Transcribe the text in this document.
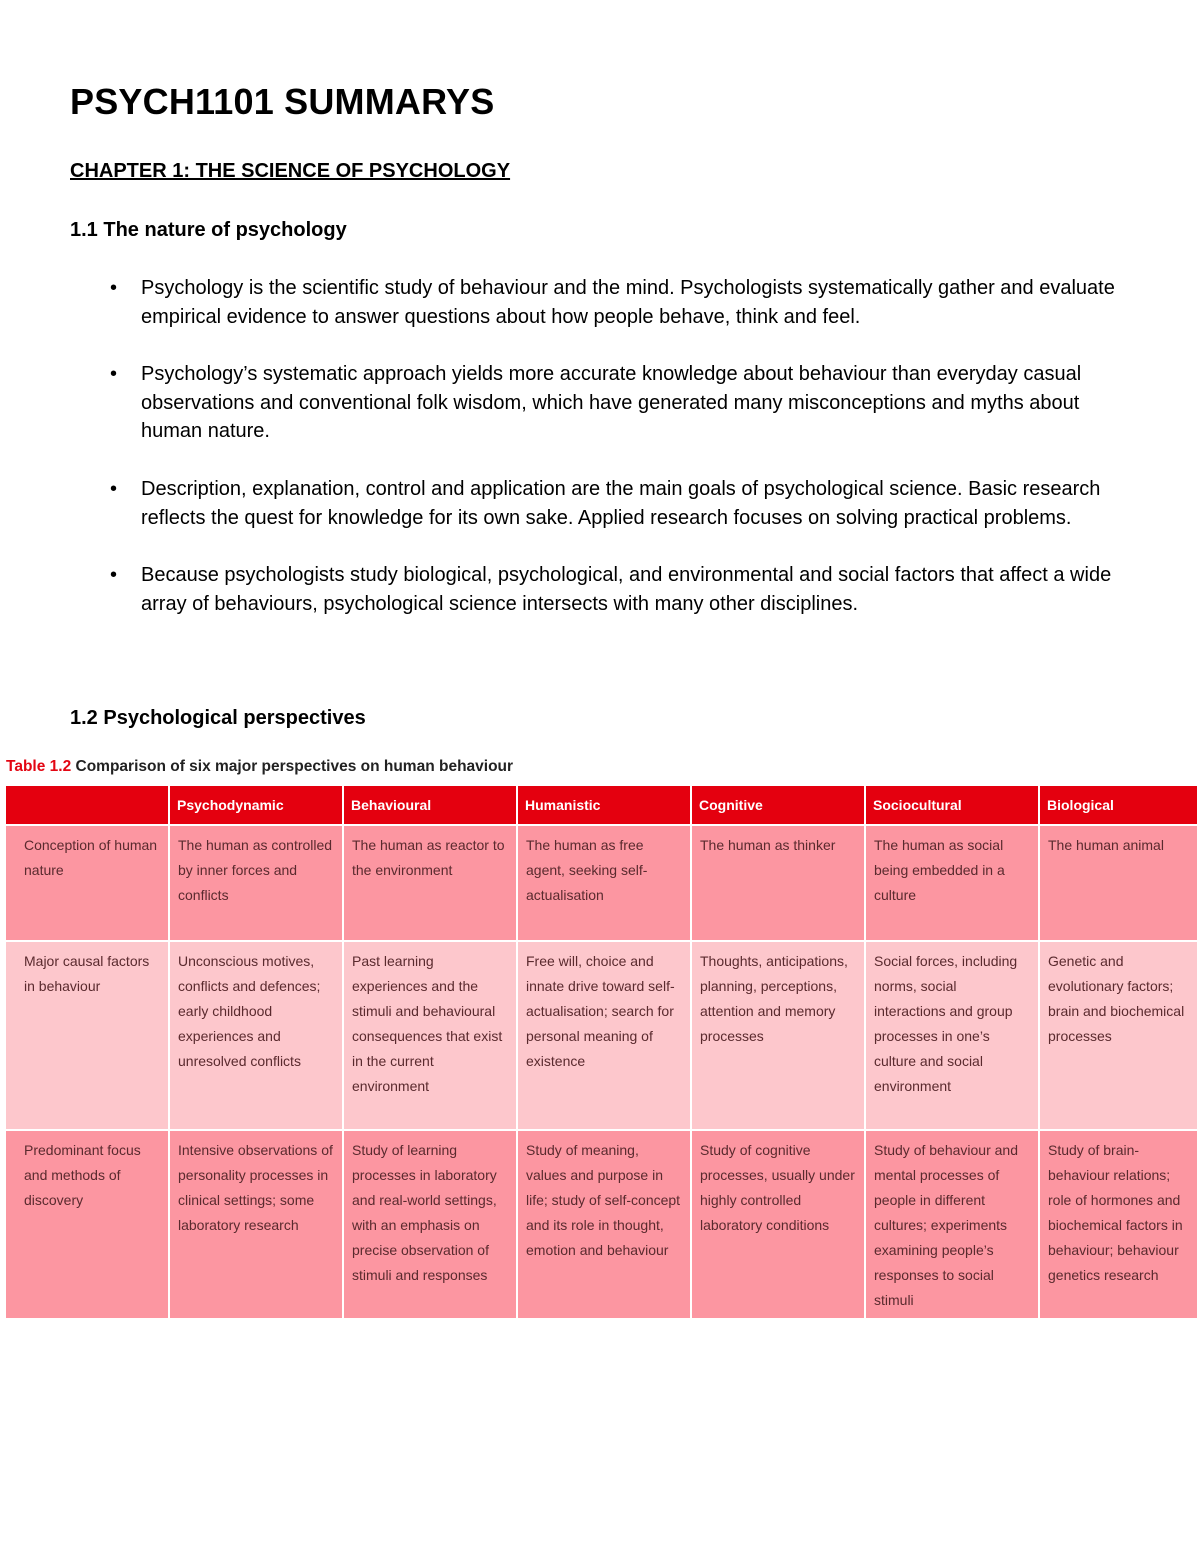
PSYCH1101 SUMMARYS
CHAPTER 1: THE SCIENCE OF PSYCHOLOGY
1.1 The nature of psychology
• Psychology is the scientific study of behaviour and the mind. Psychologists systematically gather and evaluate empirical evidence to answer questions about how people behave, think and feel.
• Psychology’s systematic approach yields more accurate knowledge about behaviour than everyday casual observations and conventional folk wisdom, which have generated many misconceptions and myths about human nature.
• Description, explanation, control and application are the main goals of psychological science. Basic research reflects the quest for knowledge for its own sake. Applied research focuses on solving practical problems.
• Because psychologists study biological, psychological, and environmental and social factors that affect a wide array of behaviours, psychological science intersects with many other disciplines.
1.2 Psychological perspectives

Table 1.2 Comparison of six major perspectives on human behaviour

	Psychodynamic	Behavioural	Humanistic	Cognitive	Sociocultural	Biological
Conception of human nature	The human as controlled by inner forces and conflicts	The human as reactor to the environment	The human as free agent, seeking self-actualisation	The human as thinker	The human as social being embedded in a culture	The human animal
Major causal factors in behaviour	Unconscious motives, conflicts and defences; early childhood experiences and unresolved conflicts	Past learning experiences and the stimuli and behavioural consequences that exist in the current environment	Free will, choice and innate drive toward self-actualisation; search for personal meaning of existence	Thoughts, anticipations, planning, perceptions, attention and memory processes	Social forces, including norms, social interactions and group processes in one’s culture and social environment	Genetic and evolutionary factors; brain and biochemical processes
Predominant focus and methods of discovery	Intensive observations of personality processes in clinical settings; some laboratory research	Study of learning processes in laboratory and real-world settings, with an emphasis on precise observation of stimuli and responses	Study of meaning, values and purpose in life; study of self-concept and its role in thought, emotion and behaviour	Study of cognitive processes, usually under highly controlled laboratory conditions	Study of behaviour and mental processes of people in different cultures; experiments examining people’s responses to social stimuli	Study of brain-behaviour relations; role of hormones and biochemical factors in behaviour; behaviour genetics research
